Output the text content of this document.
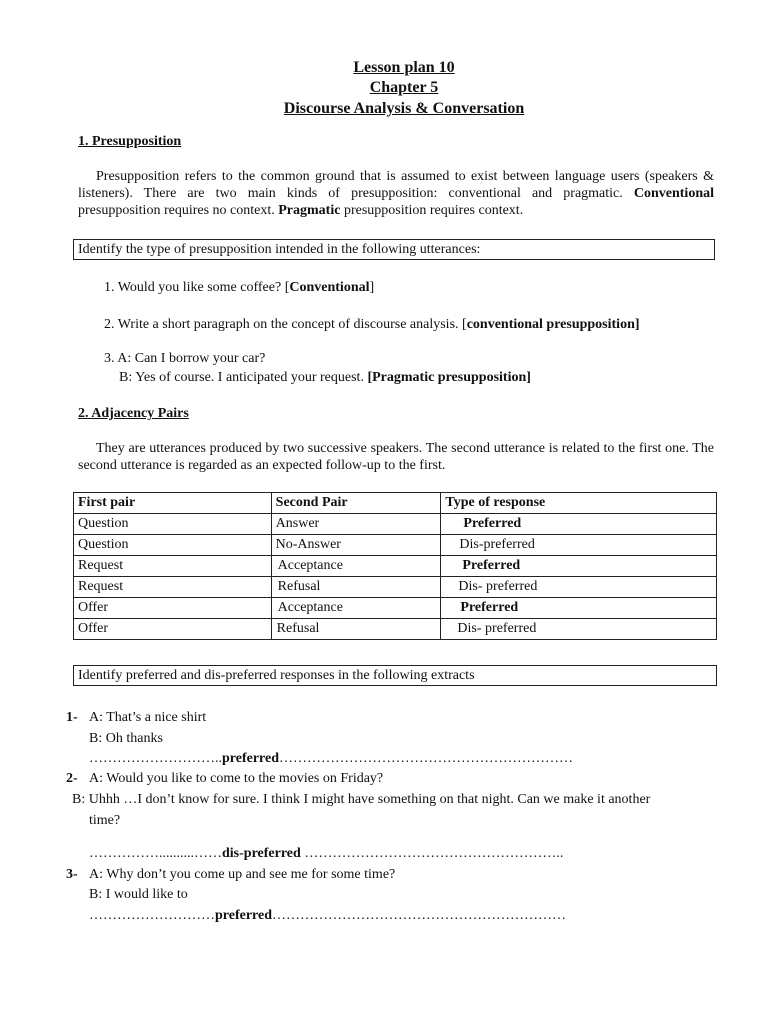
Lesson plan 10
Chapter 5
Discourse Analysis & Conversation
1. Presupposition
Presupposition refers to the common ground that is assumed to exist between language users (speakers & listeners). There are two main kinds of presupposition: conventional and pragmatic. Conventional presupposition requires no context. Pragmatic presupposition requires context.
Identify the type of presupposition intended in the following utterances:
1. Would you like some coffee? [Conventional]
2. Write a short paragraph on the concept of discourse analysis. [conventional presupposition]
3. A: Can I borrow your car?
B: Yes of course. I anticipated your request. [Pragmatic presupposition]
2. Adjacency Pairs
They are utterances produced by two successive speakers. The second utterance is related to the first one. The second utterance is regarded as an expected follow-up to the first.
First pair	Second Pair	Type of response
Question	Answer	Preferred
Question	No-Answer	Dis-preferred
Request	Acceptance	Preferred
Request	Refusal	Dis- preferred
Offer	Acceptance	Preferred
Offer	Refusal	Dis- preferred
Identify preferred and dis-preferred responses in the following extracts
1- A: That’s a nice shirt
B: Oh thanks
………………………..preferred………………………………………………………
2- A: Would you like to come to the movies on Friday?
B: Uhhh …I don’t know for sure. I think I might have something on that night. Can we make it another
time?
……………..........……dis-preferred ………………………………………………..
3- A: Why don’t you come up and see me for some time?
B: I would like to
………………………preferred………………………………………………………
